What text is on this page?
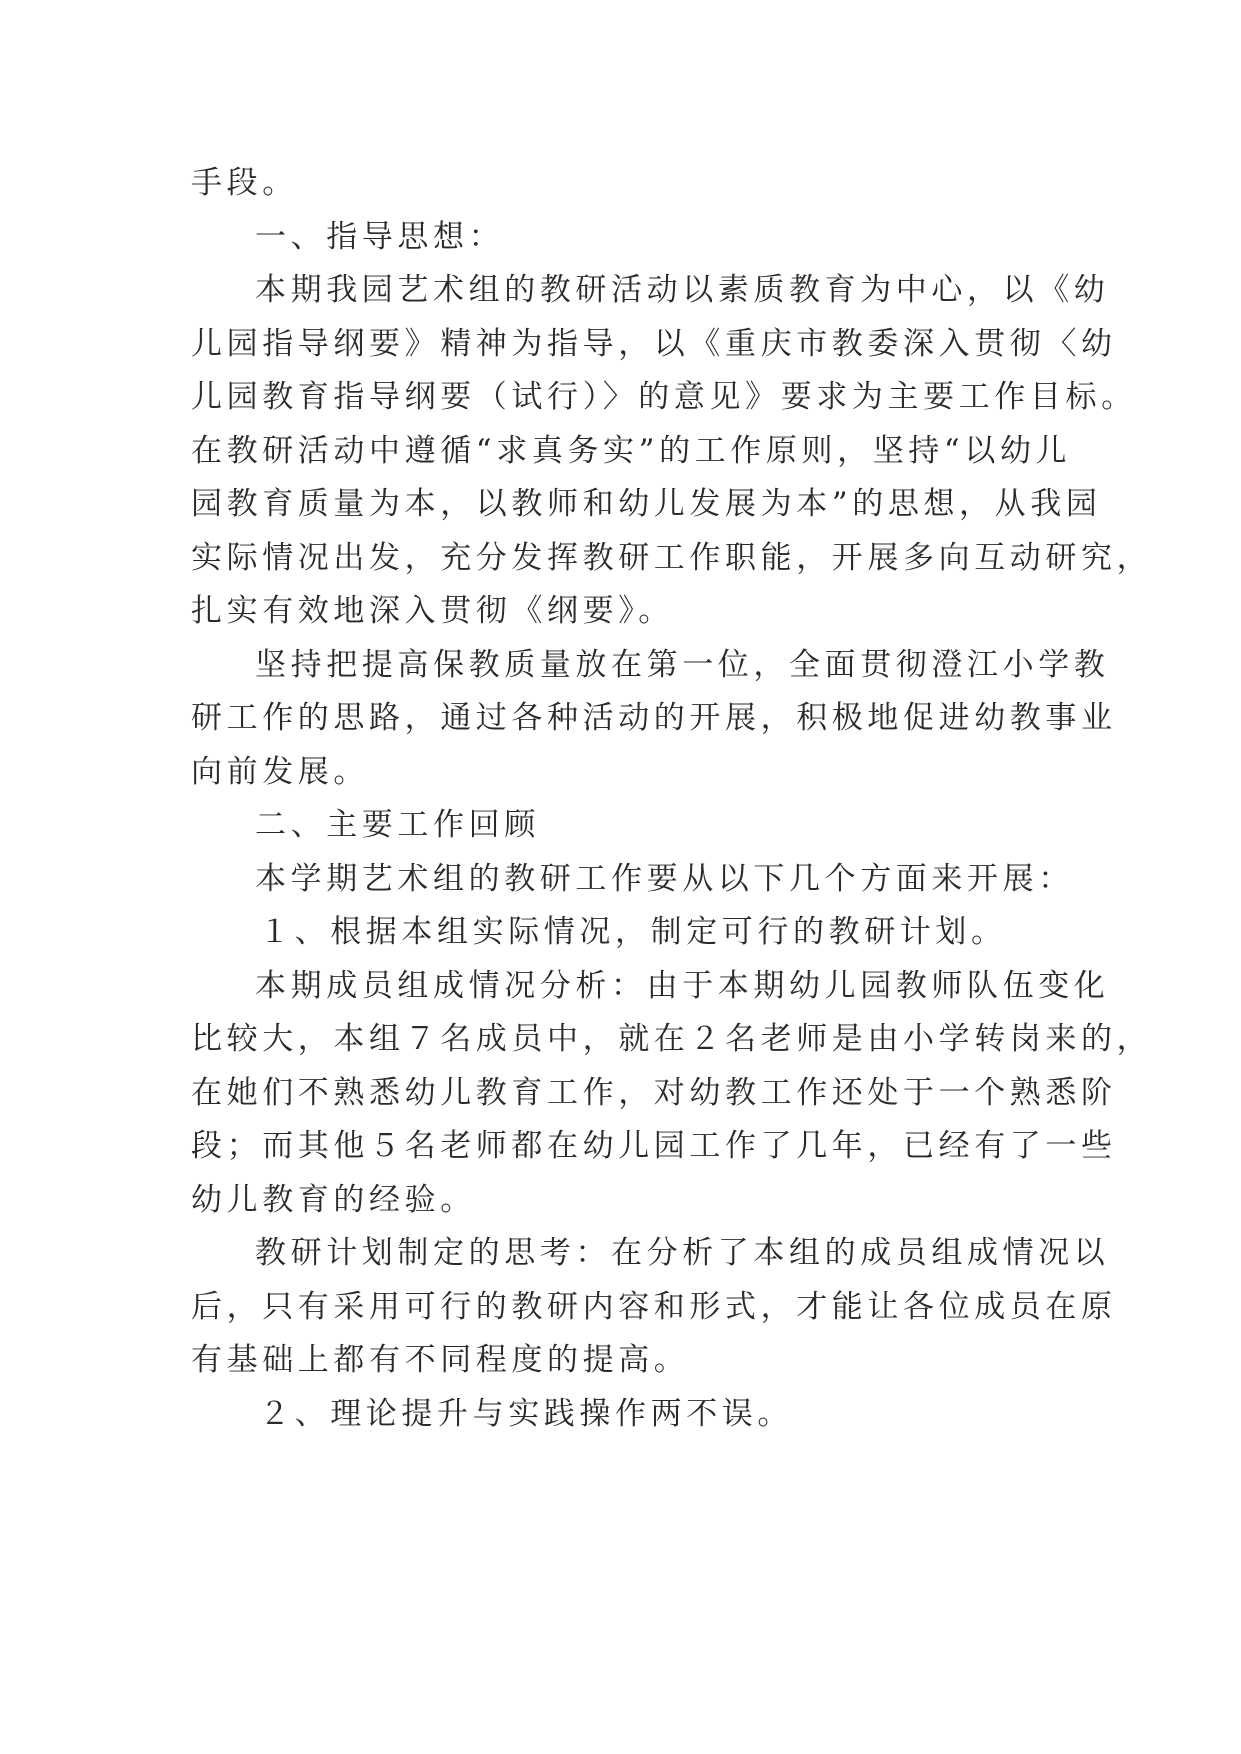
手段。
一、指导思想：
本期我园艺术组的教研活动以素质教育为中心，以《幼
儿园指导纲要》精神为指导，以《重庆市教委深入贯彻〈幼
儿园教育指导纲要（试行）〉的意见》要求为主要工作目标。
在教研活动中遵循“求真务实”的工作原则，坚持“以幼儿
园教育质量为本，以教师和幼儿发展为本”的思想，从我园
实际情况出发，充分发挥教研工作职能，开展多向互动研究，
扎实有效地深入贯彻《纲要》。
坚持把提高保教质量放在第一位，全面贯彻澄江小学教
研工作的思路，通过各种活动的开展，积极地促进幼教事业
向前发展。
二、主要工作回顾
本学期艺术组的教研工作要从以下几个方面来开展：
１、根据本组实际情况，制定可行的教研计划。
本期成员组成情况分析：由于本期幼儿园教师队伍变化
比较大，本组７名成员中，就在２名老师是由小学转岗来的，
在她们不熟悉幼儿教育工作，对幼教工作还处于一个熟悉阶
段；而其他５名老师都在幼儿园工作了几年，已经有了一些
幼儿教育的经验。
教研计划制定的思考：在分析了本组的成员组成情况以
后，只有采用可行的教研内容和形式，才能让各位成员在原
有基础上都有不同程度的提高。
２、理论提升与实践操作两不误。
